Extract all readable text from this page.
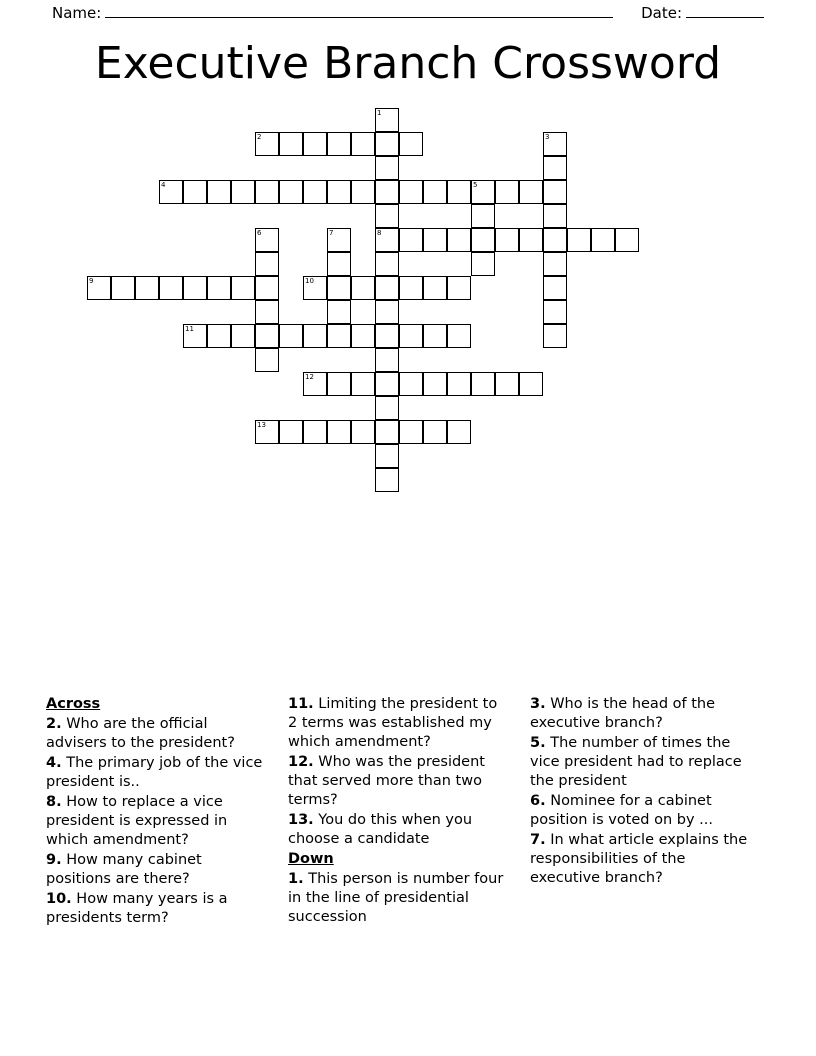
Name:	Date:
Executive Branch Crossword
1
2	3
4	5
6	7	8
9	10
11
12
13
Across
2. Who are the official advisers to the president?
4. The primary job of the vice president is..
8. How to replace a vice president is expressed in which amendment?
9. How many cabinet positions are there?
10. How many years is a presidents term?
11. Limiting the president to 2 terms was established my which amendment?
12. Who was the president that served more than two terms?
13. You do this when you choose a candidate
Down
1. This person is number four in the line of presidential succession
3. Who is the head of the executive branch?
5. The number of times the vice president had to replace the president
6. Nominee for a cabinet position is voted on by ...
7. In what article explains the responsibilities of the executive branch?
